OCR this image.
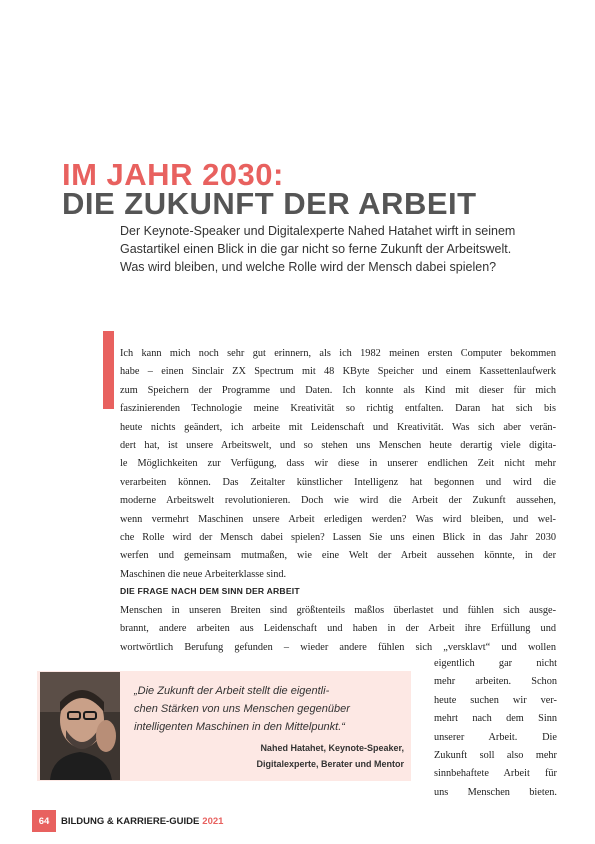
IM JAHR 2030:
DIE ZUKUNFT DER ARBEIT
Der Keynote-Speaker und Digitalexperte Nahed Hatahet wirft in seinem
Gastartikel einen Blick in die gar nicht so ferne Zukunft der Arbeitswelt.
Was wird bleiben, und welche Rolle wird der Mensch dabei spielen?
Ich kann mich noch sehr gut erinnern, als ich 1982 meinen ersten Computer bekommen
habe – einen Sinclair ZX Spectrum mit 48 KByte Speicher und einem Kassettenlaufwerk
zum Speichern der Programme und Daten. Ich konnte als Kind mit dieser für mich
faszinierenden Technologie meine Kreativität so richtig entfalten. Daran hat sich bis
heute nichts geändert, ich arbeite mit Leidenschaft und Kreativität. Was sich aber verän-
dert hat, ist unsere Arbeitswelt, und so stehen uns Menschen heute derartig viele digita-
le Möglichkeiten zur Verfügung, dass wir diese in unserer endlichen Zeit nicht mehr
verarbeiten können. Das Zeitalter künstlicher Intelligenz hat begonnen und wird die
moderne Arbeitswelt revolutionieren. Doch wie wird die Arbeit der Zukunft aussehen,
wenn vermehrt Maschinen unsere Arbeit erledigen werden? Was wird bleiben, und wel-
che Rolle wird der Mensch dabei spielen? Lassen Sie uns einen Blick in das Jahr 2030
werfen und gemeinsam mutmaßen, wie eine Welt der Arbeit aussehen könnte, in der
Maschinen die neue Arbeiterklasse sind.
DIE FRAGE NACH DEM SINN DER ARBEIT
Menschen in unseren Breiten sind größtenteils maßlos überlastet und fühlen sich ausge-
brannt, andere arbeiten aus Leidenschaft und haben in der Arbeit ihre Erfüllung und
wortwörtlich Berufung gefunden – wieder andere fühlen sich „versklavt“ und wollen
eigentlich gar nicht
mehr arbeiten. Schon
heute suchen wir ver-
mehrt nach dem Sinn
unserer Arbeit. Die
Zukunft soll also mehr
sinnbehaftete Arbeit für
uns Menschen bieten.
„Die Zukunft der Arbeit stellt die eigentli-
chen Stärken von uns Menschen gegenüber
intelligenten Maschinen in den Mittelpunkt.“
Nahed Hatahet, Keynote-Speaker,
Digitalexperte, Berater und Mentor
64	BILDUNG & KARRIERE-GUIDE 2021
